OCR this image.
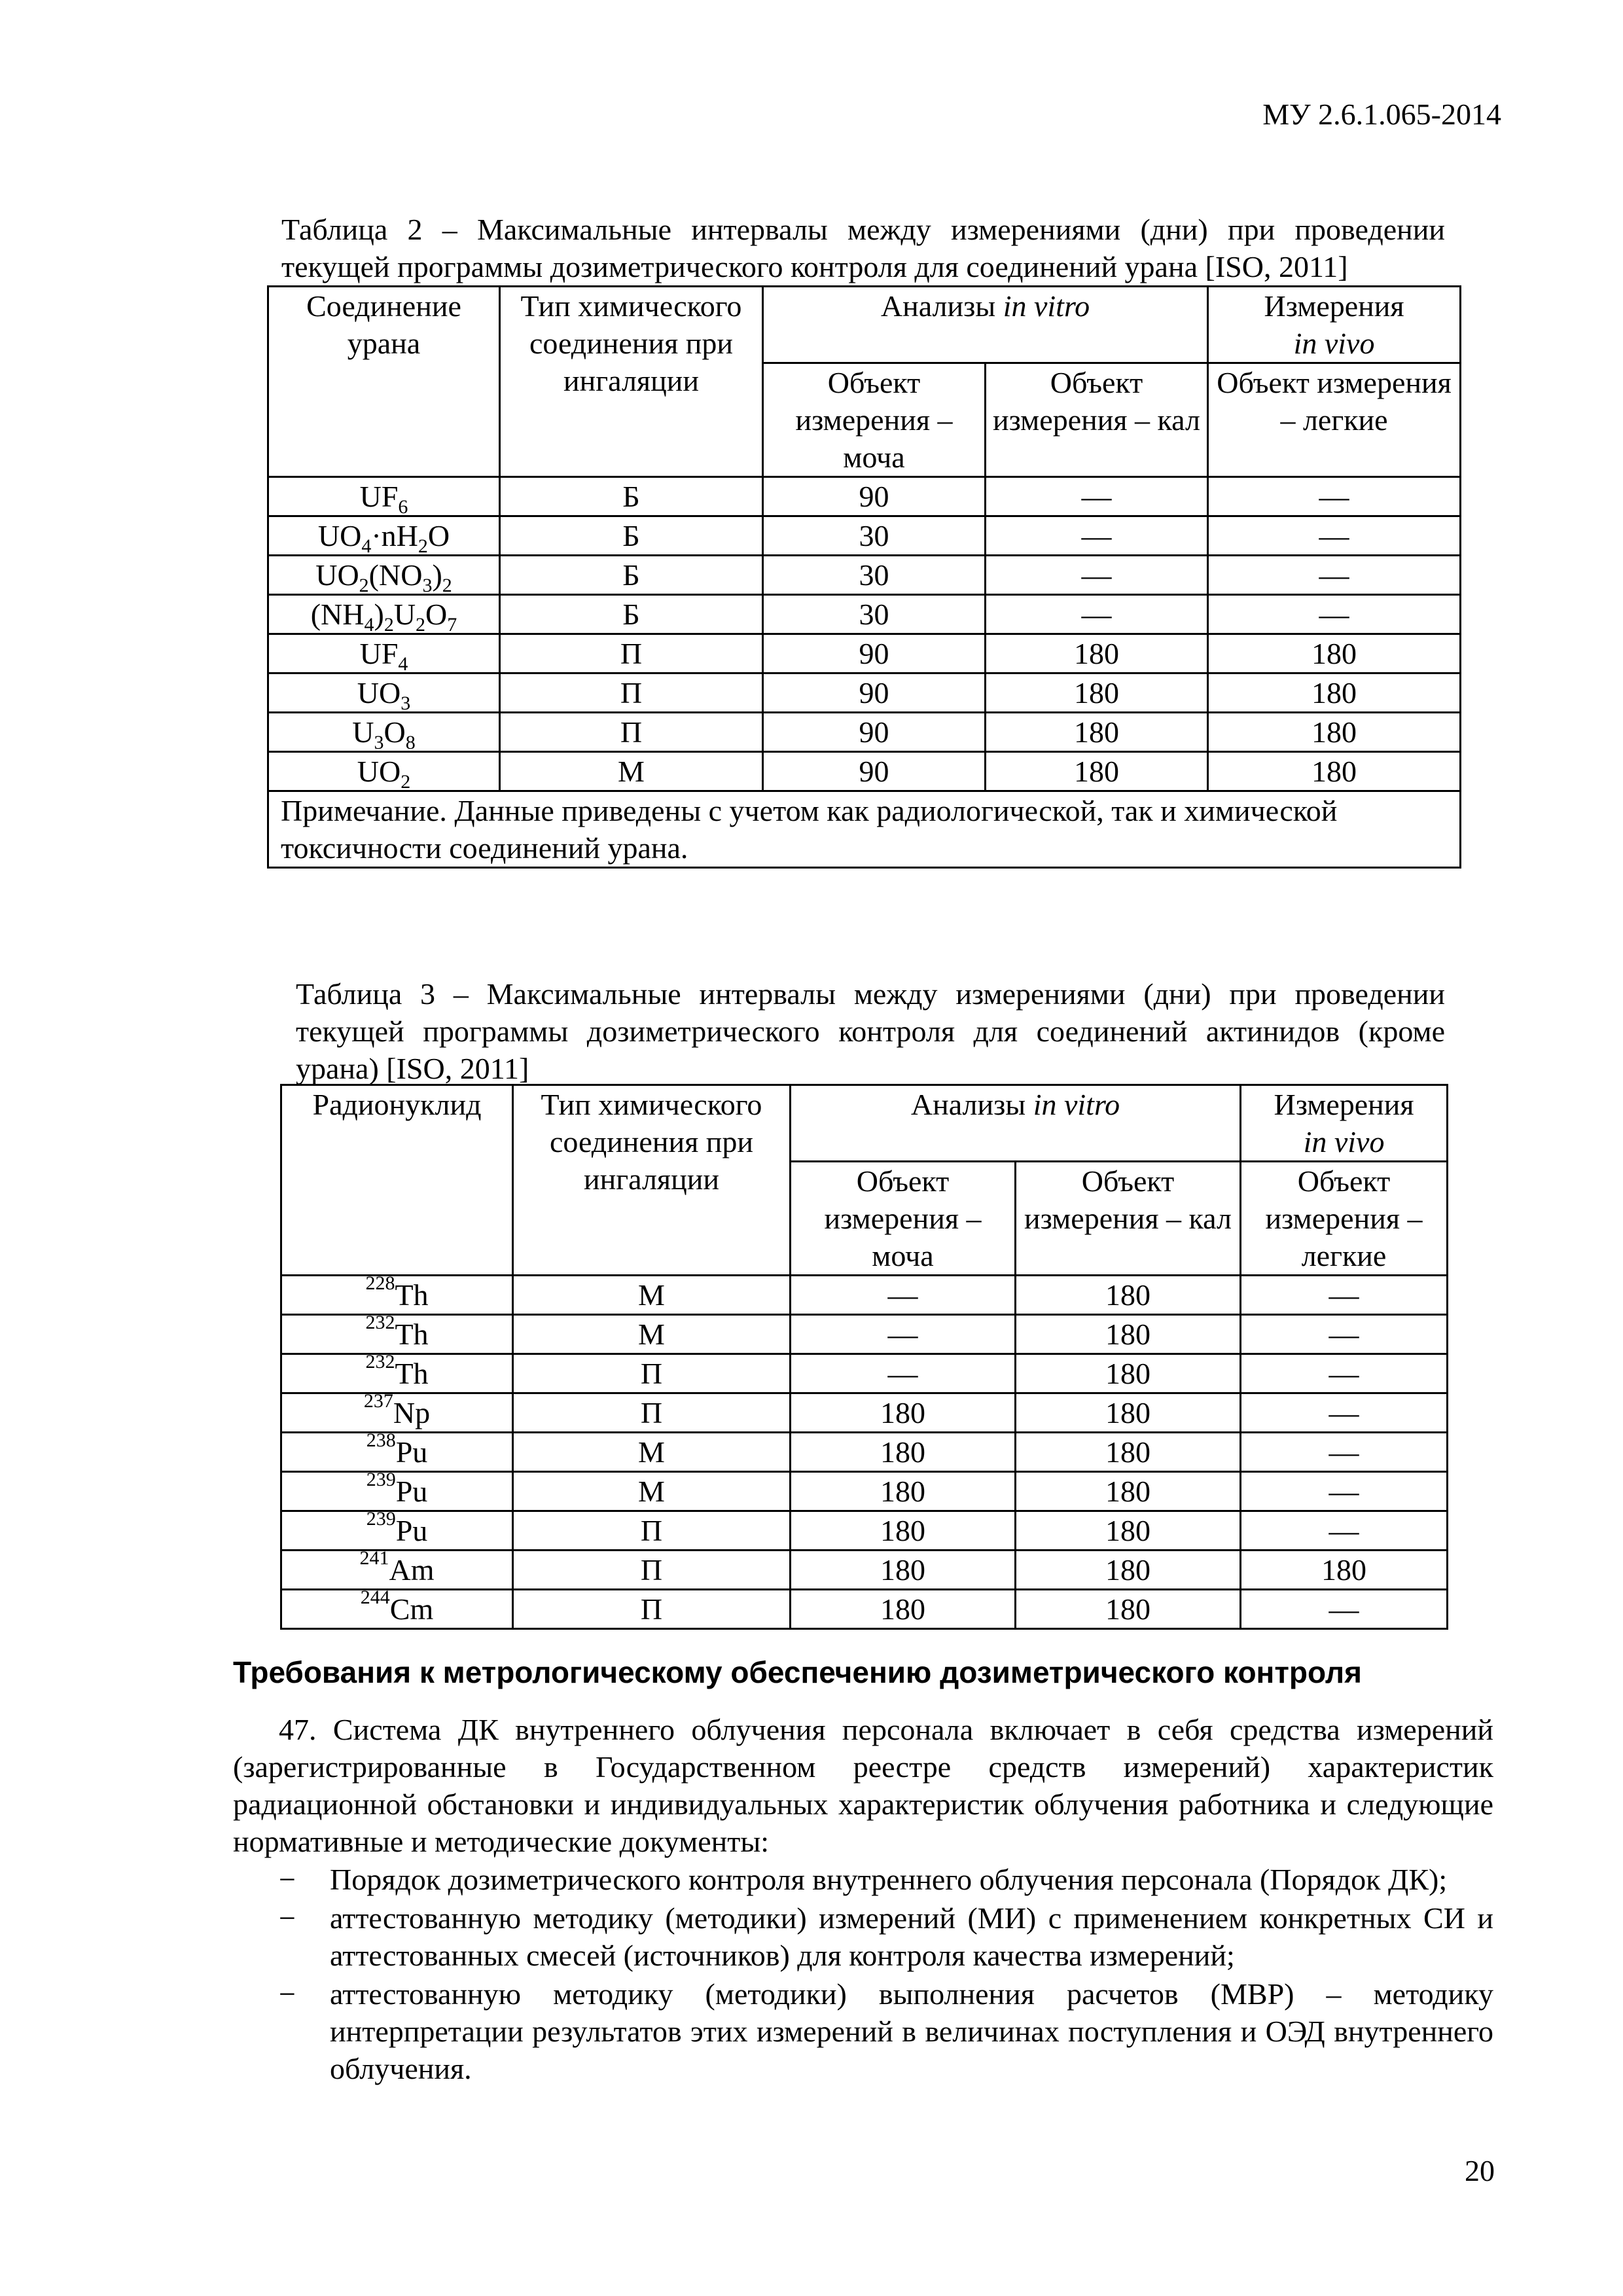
МУ 2.6.1.065-2014
Таблица 2 – Максимальные интервалы между измерениями (дни) при проведении текущей программы дозиметрического контроля для соединений урана [ISO, 2011]
Соединение
урана	Тип химического соединения при ингаляции	Анализы in vitro		Измерения
in vivo
		Объект измерения – моча	Объект измерения – кал	Объект измерения – легкие
$UF_6$	Б	90	—	—
$UO_4\cdot nH_2O$	Б	30	—	—
$UO_2(NO_3)_2$	Б	30	—	—
$(NH_4)_2U_2O_7$	Б	30	—	—
$UF_4$	П	90	180	180
$UO_3$	П	90	180	180
$U_3O_8$	П	90	180	180
$UO_2$	М	90	180	180
Примечание. Данные приведены с учетом как радиологической, так и химической токсичности соединений урана.				
Таблица 3 – Максимальные интервалы между измерениями (дни) при проведении текущей программы дозиметрического контроля для соединений актинидов (кроме урана) [ISO, 2011]
Радионуклид	Тип химического соединения при ингаляции	Анализы in vitro		Измерения
in vivo
		Объект измерения – моча	Объект измерения – кал	Объект измерения – легкие
$^{228}$Th	М	—	180	—
$^{232}$Th	М	—	180	—
$^{232}$Th	П	—	180	—
$^{237}$Np	П	180	180	—
$^{238}$Pu	М	180	180	—
$^{239}$Pu	М	180	180	—
$^{239}$Pu	П	180	180	—
$^{241}$Am	П	180	180	180
$^{244}$Cm	П	180	180	—
Требования к метрологическому обеспечению дозиметрического контроля
47. Система ДК внутреннего облучения персонала включает в себя средства измерений (зарегистрированные в Государственном реестре средств измерений) характеристик радиационной обстановки и индивидуальных характеристик облучения работника и следующие нормативные и методические документы:
− Порядок дозиметрического контроля внутреннего облучения персонала (Порядок ДК);
− аттестованную методику (методики) измерений (МИ) с применением конкретных СИ и аттестованных смесей (источников) для контроля качества измерений;
− аттестованную методику (методики) выполнения расчетов (МВР) – методику интерпретации результатов этих измерений в величинах поступления и ОЭД внутреннего облучения.
20
